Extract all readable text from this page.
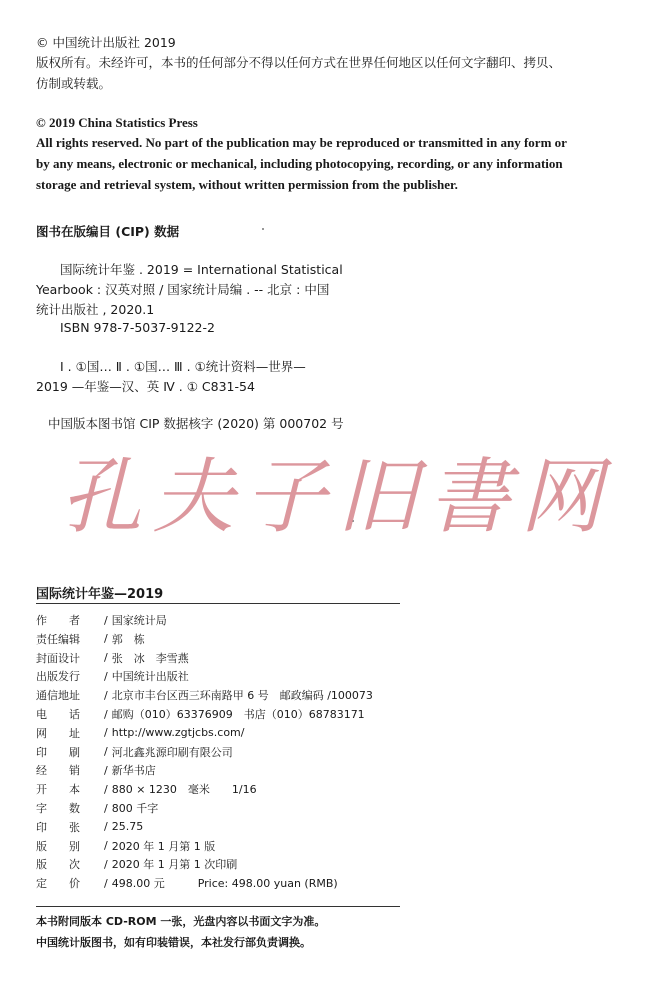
© 中国统计出版社 2019
版权所有。未经许可，本书的任何部分不得以任何方式在世界任何地区以任何文字翻印、拷贝、
仿制或转载。
© 2019 China Statistics Press
All rights reserved. No part of the publication may be reproduced or transmitted in any form or
by any means, electronic or mechanical, including photocopying, recording, or any information
storage and retrieval system, without written permission from the publisher.
图书在版编目 (CIP) 数据
国际统计年鉴 . 2019 = International Statistical
Yearbook : 汉英对照 / 国家统计局编 . -- 北京 : 中国
统计出版社 , 2020.1
ISBN 978-7-5037-9122-2
Ⅰ . ①国… Ⅱ . ①国… Ⅲ . ①统计资料—世界—
2019 —年鉴—汉、英 Ⅳ . ① C831-54
中国版本图书馆 CIP 数据核字 (2020) 第 000702 号
孔夫子旧書网
国际统计年鉴—2019
作　　者	/ 国家统计局
责任编辑	/ 郭　栋
封面设计	/ 张　冰　李雪燕
出版发行	/ 中国统计出版社
通信地址	/ 北京市丰台区西三环南路甲 6 号　邮政编码 /100073
电　　话	/ 邮购（010）63376909　书店（010）68783171
网　　址	/ http://www.zgtjcbs.com/
印　　刷	/ 河北鑫兆源印刷有限公司
经　　销	/ 新华书店
开　　本	/ 880 × 1230　毫米　　1/16
字　　数	/ 800 千字
印　　张	/ 25.75
版　　别	/ 2020 年 1 月第 1 版
版　　次	/ 2020 年 1 月第 1 次印刷
定　　价	/ 498.00 元　　　Price: 498.00 yuan (RMB)
本书附同版本 CD-ROM 一张，光盘内容以书面文字为准。
中国统计版图书，如有印装错误，本社发行部负责调换。
